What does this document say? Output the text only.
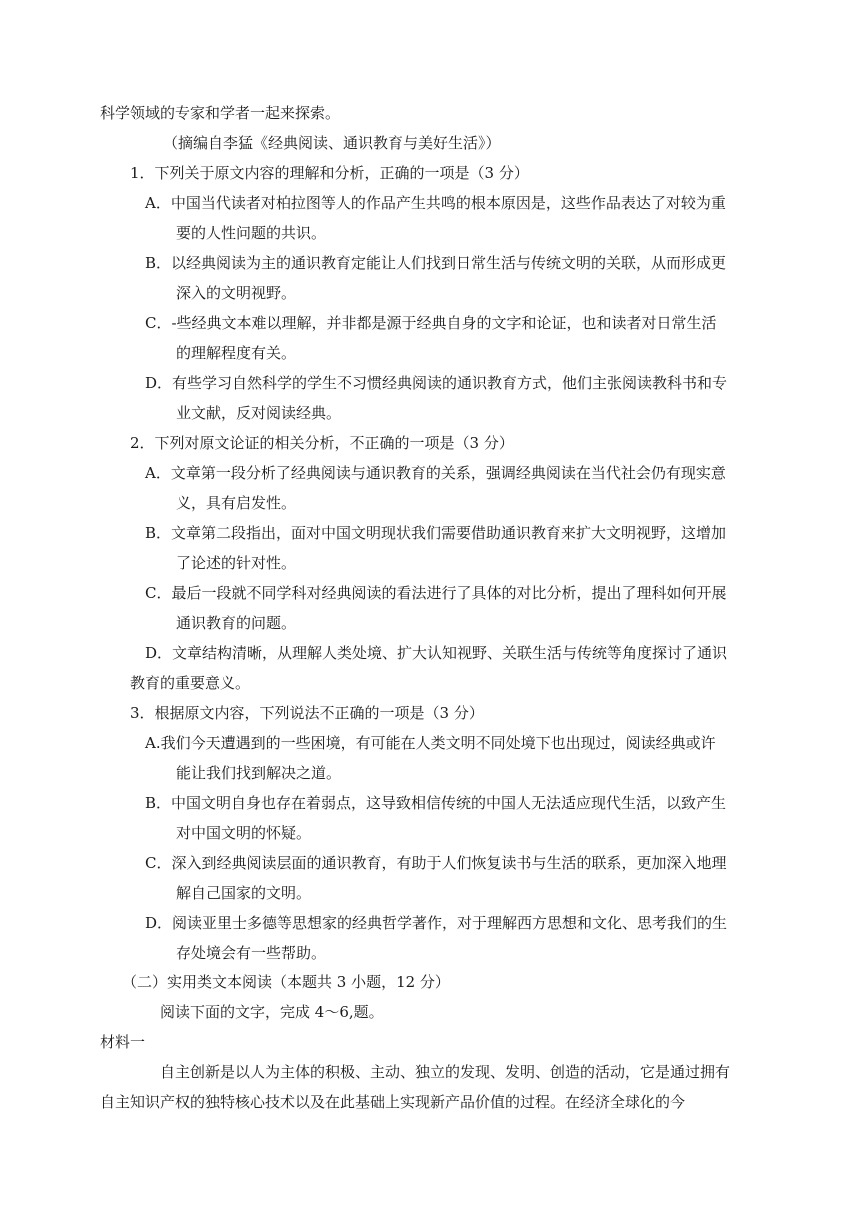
科学领域的专家和学者一起来探索。
（摘编自李猛《经典阅读、通识教育与美好生活》）
1．下列关于原文内容的理解和分析，正确的一项是（3 分）
A．中国当代读者对柏拉图等人的作品产生共鸣的根本原因是，这些作品表达了对较为重
要的人性问题的共识。
B．以经典阅读为主的通识教育定能让人们找到日常生活与传统文明的关联，从而形成更
深入的文明视野。
C．-些经典文本难以理解，并非都是源于经典自身的文字和论证，也和读者对日常生活
的理解程度有关。
D．有些学习自然科学的学生不习惯经典阅读的通识教育方式，他们主张阅读教科书和专
业文献，反对阅读经典。
2．下列对原文论证的相关分析，不正确的一项是（3 分）
A．文章第一段分析了经典阅读与通识教育的关系，强调经典阅读在当代社会仍有现实意
义，具有启发性。
B．文章第二段指出，面对中国文明现状我们需要借助通识教育来扩大文明视野，这增加
了论述的针对性。
C．最后一段就不同学科对经典阅读的看法进行了具体的对比分析，提出了理科如何开展
通识教育的问题。
D．文章结构清晰，从理解人类处境、扩大认知视野、关联生活与传统等角度探讨了通识
教育的重要意义。
3．根据原文内容，下列说法不正确的一项是（3 分）
A.我们今天遭遇到的一些困境，有可能在人类文明不同处境下也出现过，阅读经典或许
能让我们找到解决之道。
B．中国文明自身也存在着弱点，这导致相信传统的中国人无法适应现代生活，以致产生
对中国文明的怀疑。
C．深入到经典阅读层面的通识教育，有助于人们恢复读书与生活的联系，更加深入地理
解自己国家的文明。
D．阅读亚里士多德等思想家的经典哲学著作，对于理解西方思想和文化、思考我们的生
存处境会有一些帮助。
（二）实用类文本阅读（本题共 3 小题，12 分）
阅读下面的文字，完成 4～6,题。
材料一
自主创新是以人为主体的积极、主动、独立的发现、发明、创造的活动，它是通过拥有
自主知识产权的独特核心技术以及在此基础上实现新产品价值的过程。在经济全球化的今
